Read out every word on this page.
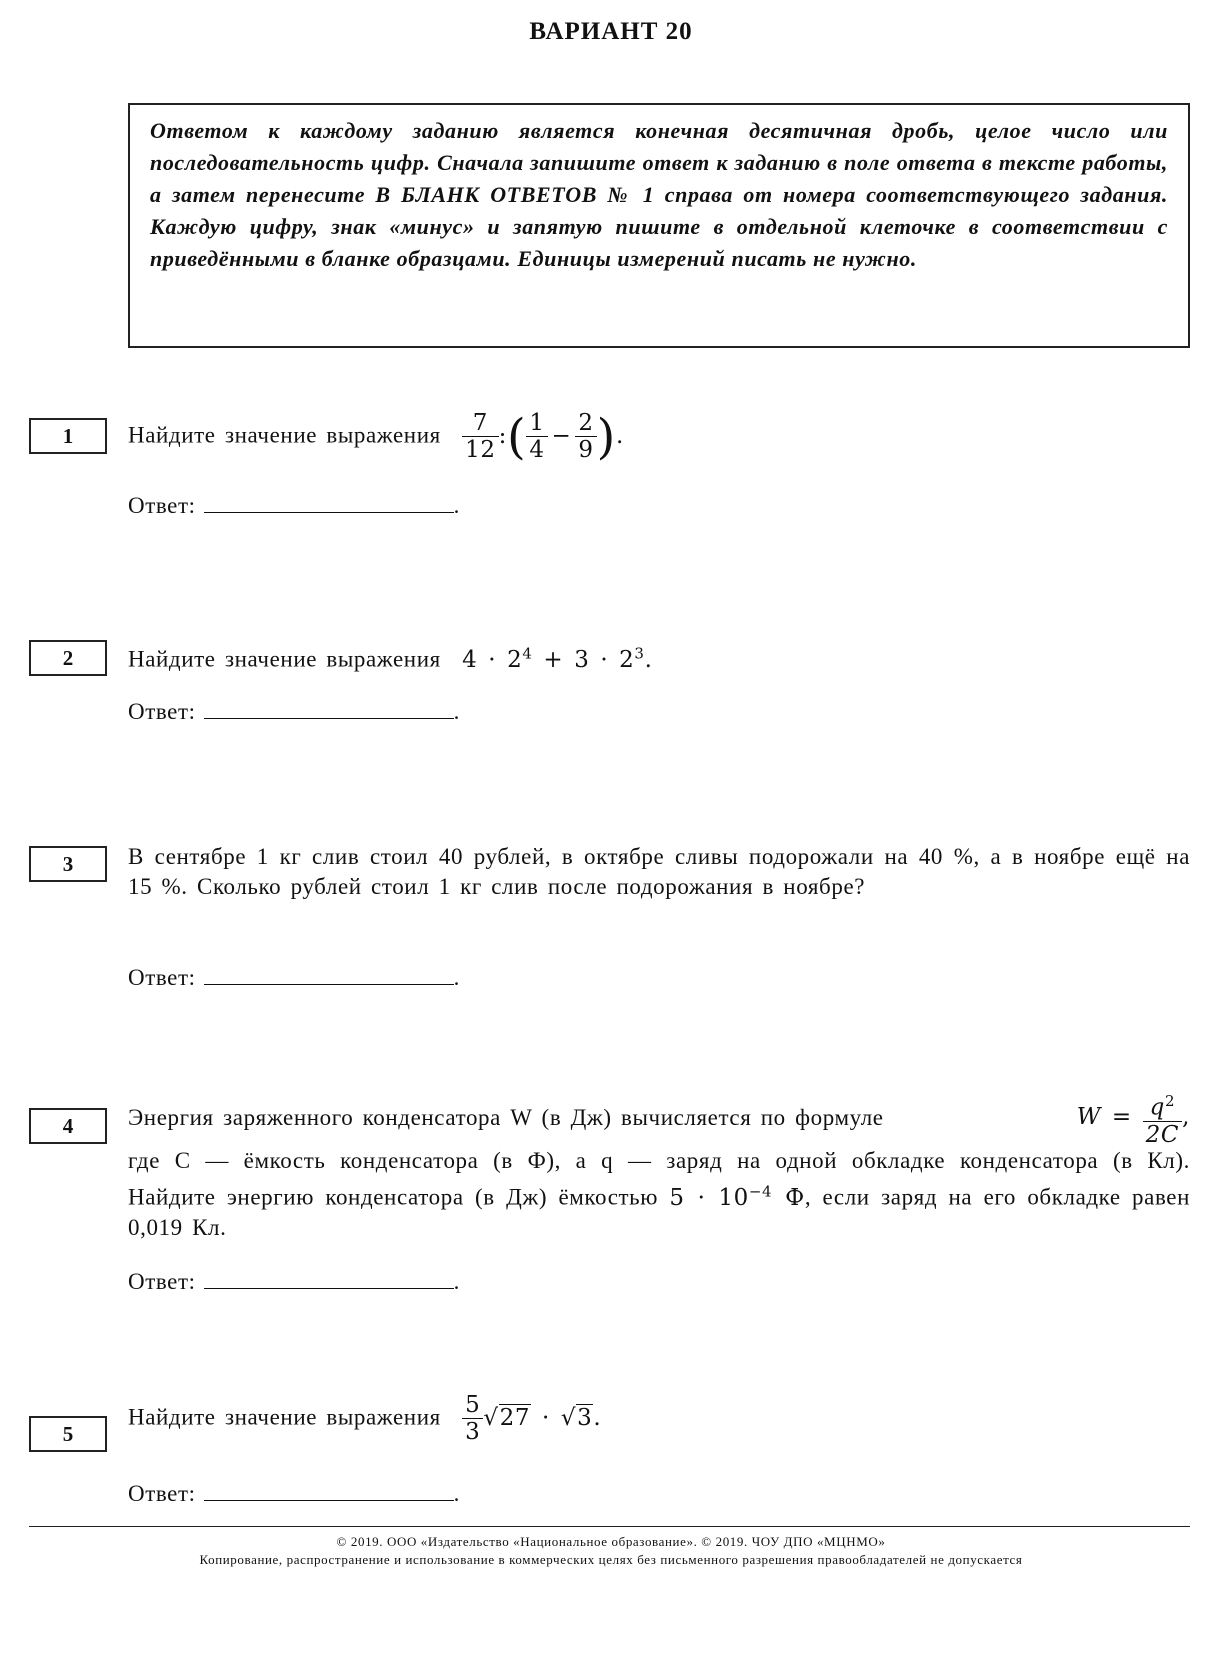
ВАРИАНТ 20
Ответом к каждому заданию является конечная десятичная дробь, целое число или последовательность цифр. Сначала запишите ответ к заданию в поле ответа в тексте работы, а затем перенесите В БЛАНК ОТВЕТОВ № 1 справа от номера соответствующего задания. Каждую цифру, знак «минус» и запятую пишите в отдельной клеточке в соответствии с приведёнными в бланке образцами. Единицы измерений писать не нужно.
1	Найдите значение выражения $\frac{7}{12}$ :( $\frac{1}{4} - \frac{2}{9}$ ).
Ответ:	.
2	Найдите значение выражения $4 \cdot 2^4 + 3 \cdot 2^3$.
Ответ:	.
3	В сентябре 1 кг слив стоил 40 рублей, в октябре сливы подорожали на 40 %, а в ноябре ещё на 15 %. Сколько рублей стоил 1 кг слив после подорожания в ноябре?
Ответ:	.
4	Энергия заряженного конденсатора W (в Дж) вычисляется по формуле	$W = \frac{q^2}{2C}$ ,
где C — ёмкость конденсатора (в Ф), а q — заряд на одной обкладке конденсатора (в Кл). Найдите энергию конденсатора (в Дж) ёмкостью $5 \cdot 10^{-4}$ Ф, если заряд на его обкладке равен 0,019 Кл.
Ответ:	.
5
Найдите значение выражения $\frac{5}{3} √27 \cdot √3$.
Ответ:	.
© 2019. ООО «Издательство «Национальное образование». © 2019. ЧОУ ДПО «МЦНМО»
Копирование, распространение и использование в коммерческих целях без письменного разрешения правообладателей не допускается
